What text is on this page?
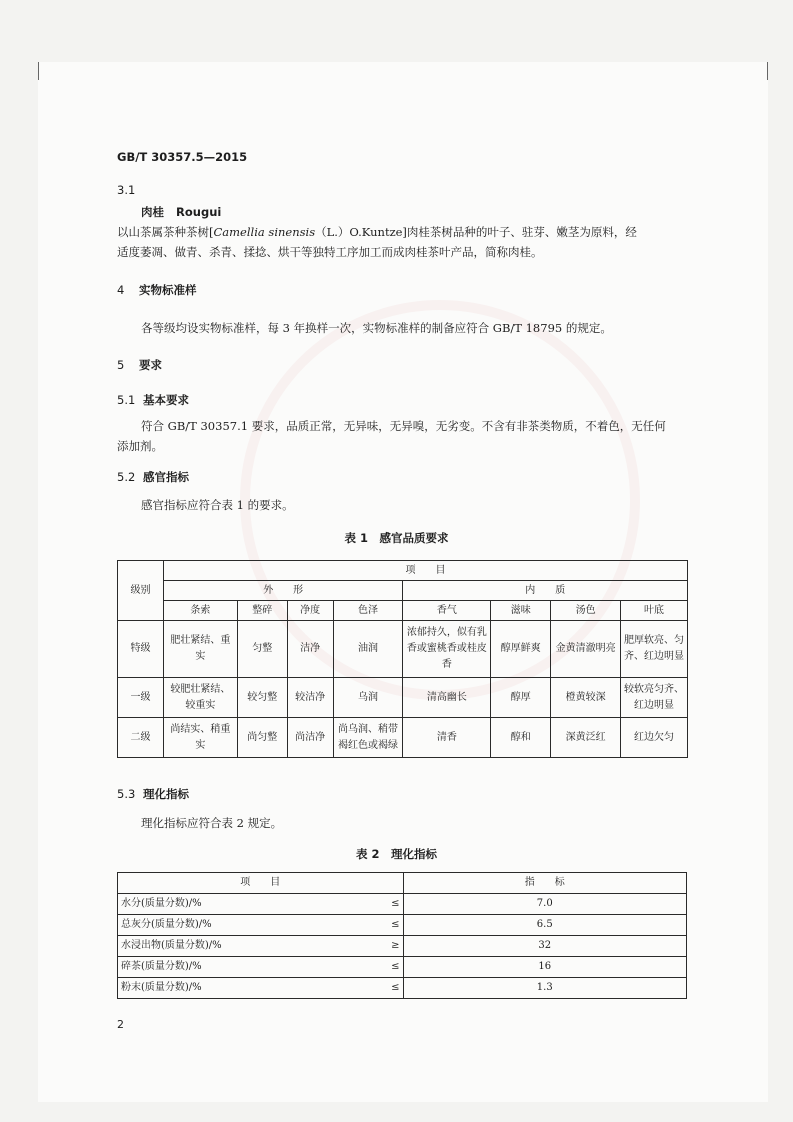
GB/T 30357.5—2015
3.1
肉桂 Rougui
以山茶属茶种茶树[Camellia sinensis（L.）O.Kuntze]肉桂茶树品种的叶子、驻芽、嫩茎为原料，经
适度萎凋、做青、杀青、揉捻、烘干等独特工序加工而成肉桂茶叶产品，简称肉桂。
4 实物标准样
各等级均设实物标准样，每 3 年换样一次，实物标准样的制备应符合 GB/T 18795 的规定。
5 要求
5.1 基本要求
符合 GB/T 30357.1 要求，品质正常，无异味，无异嗅，无劣变。不含有非茶类物质，不着色，无任何
添加剂。
5.2 感官指标
感官指标应符合表 1 的要求。
表 1　感官品质要求
级别	项　　目							
	外　　形				内　　质			
	条索	整碎	净度	色泽	香气	滋味	汤色	叶底
特级	肥壮紧结、重实	匀整	洁净	油润	浓郁持久，似有乳香或蜜桃香或桂皮香	醇厚鲜爽	金黄清澈明亮	肥厚软亮、匀齐、红边明显
一级	较肥壮紧结、较重实	较匀整	较洁净	乌润	清高幽长	醇厚	橙黄较深	较软亮匀齐、红边明显
二级	尚结实、稍重实	尚匀整	尚洁净	尚乌润、稍带褐红色或褐绿	清香	醇和	深黄泛红	红边欠匀
5.3 理化指标
理化指标应符合表 2 规定。
表 2　理化指标
项　　目		指　　标
水分(质量分数)/%	≤	7.0
总灰分(质量分数)/%	≤	6.5
水浸出物(质量分数)/%	≥	32
碎茶(质量分数)/%	≤	16
粉末(质量分数)/%	≤	1.3
2
